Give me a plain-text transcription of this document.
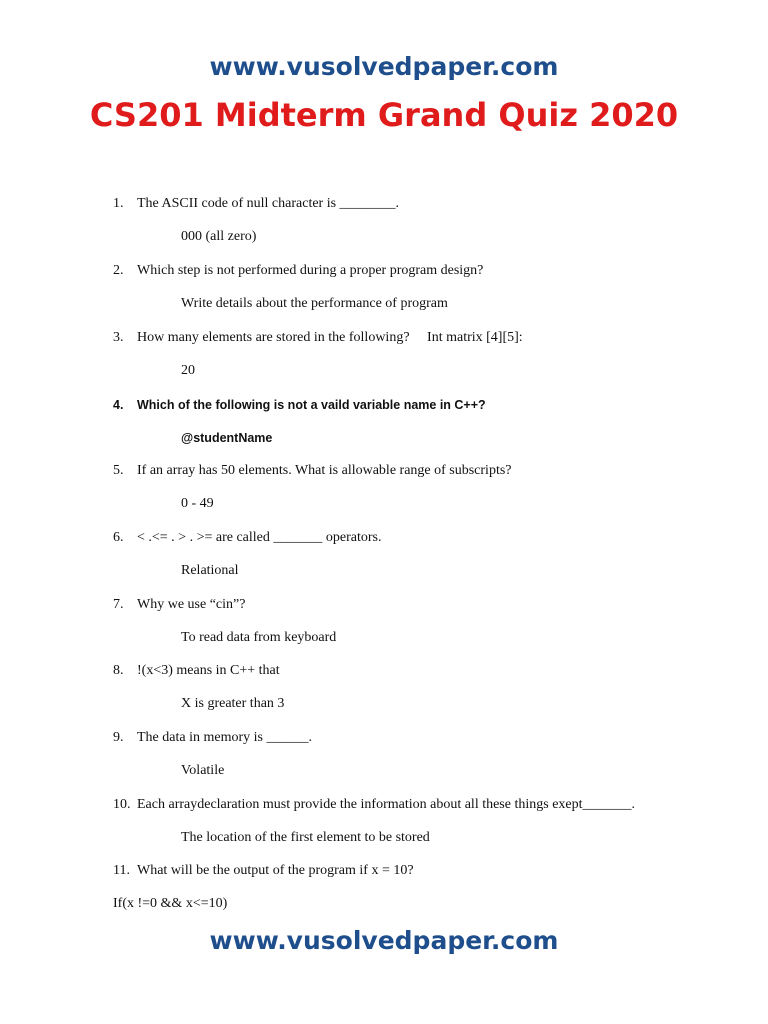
www.vusolvedpaper.com
CS201 Midterm Grand Quiz 2020
1. The ASCII code of null character is ________.
000 (all zero)
2. Which step is not performed during a proper program design?
Write details about the performance of program
3. How many elements are stored in the following?     Int matrix [4][5]:
20
4. Which of the following is not a vaild variable name in C++?
@studentName
5. If an array has 50 elements. What is allowable range of subscripts?
0 - 49
6. < .<= . > . >= are called _______ operators.
Relational
7. Why we use “cin”?
To read data from keyboard
8. !(x<3) means in C++ that
X is greater than 3
9. The data in memory is ______.
Volatile
10. Each arraydeclaration must provide the information about all these things exept_______.
The location of the first element to be stored
11. What will be the output of the program if x = 10?
If(x !=0 && x<=10)
www.vusolvedpaper.com
